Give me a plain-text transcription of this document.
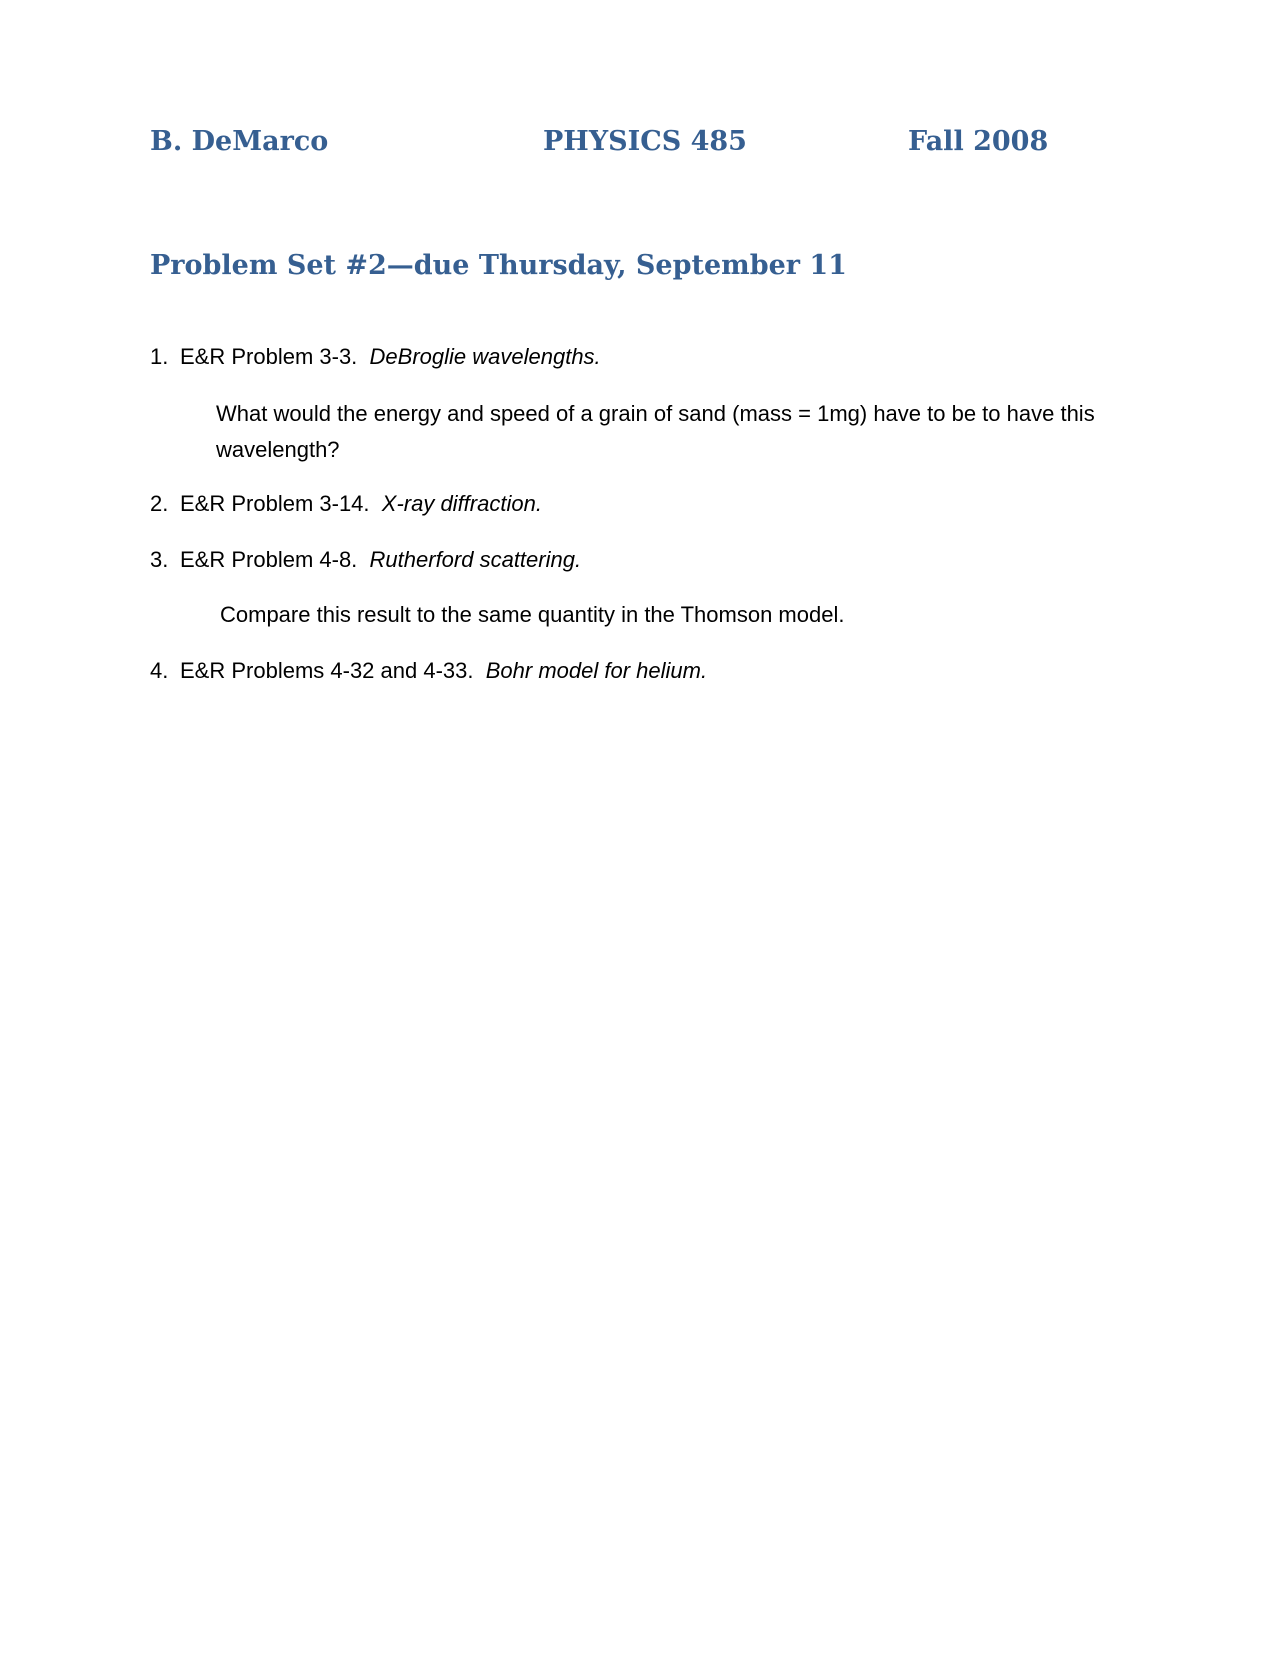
B. DeMarco	PHYSICS 485	Fall 2008
Problem Set #2—due Thursday, September 11
1. E&R Problem 3-3. DeBroglie wavelengths.
What would the energy and speed of a grain of sand (mass = 1mg) have to be to have this wavelength?
2. E&R Problem 3-14. X-ray diffraction.
3. E&R Problem 4-8. Rutherford scattering.
Compare this result to the same quantity in the Thomson model.
4. E&R Problems 4-32 and 4-33. Bohr model for helium.
